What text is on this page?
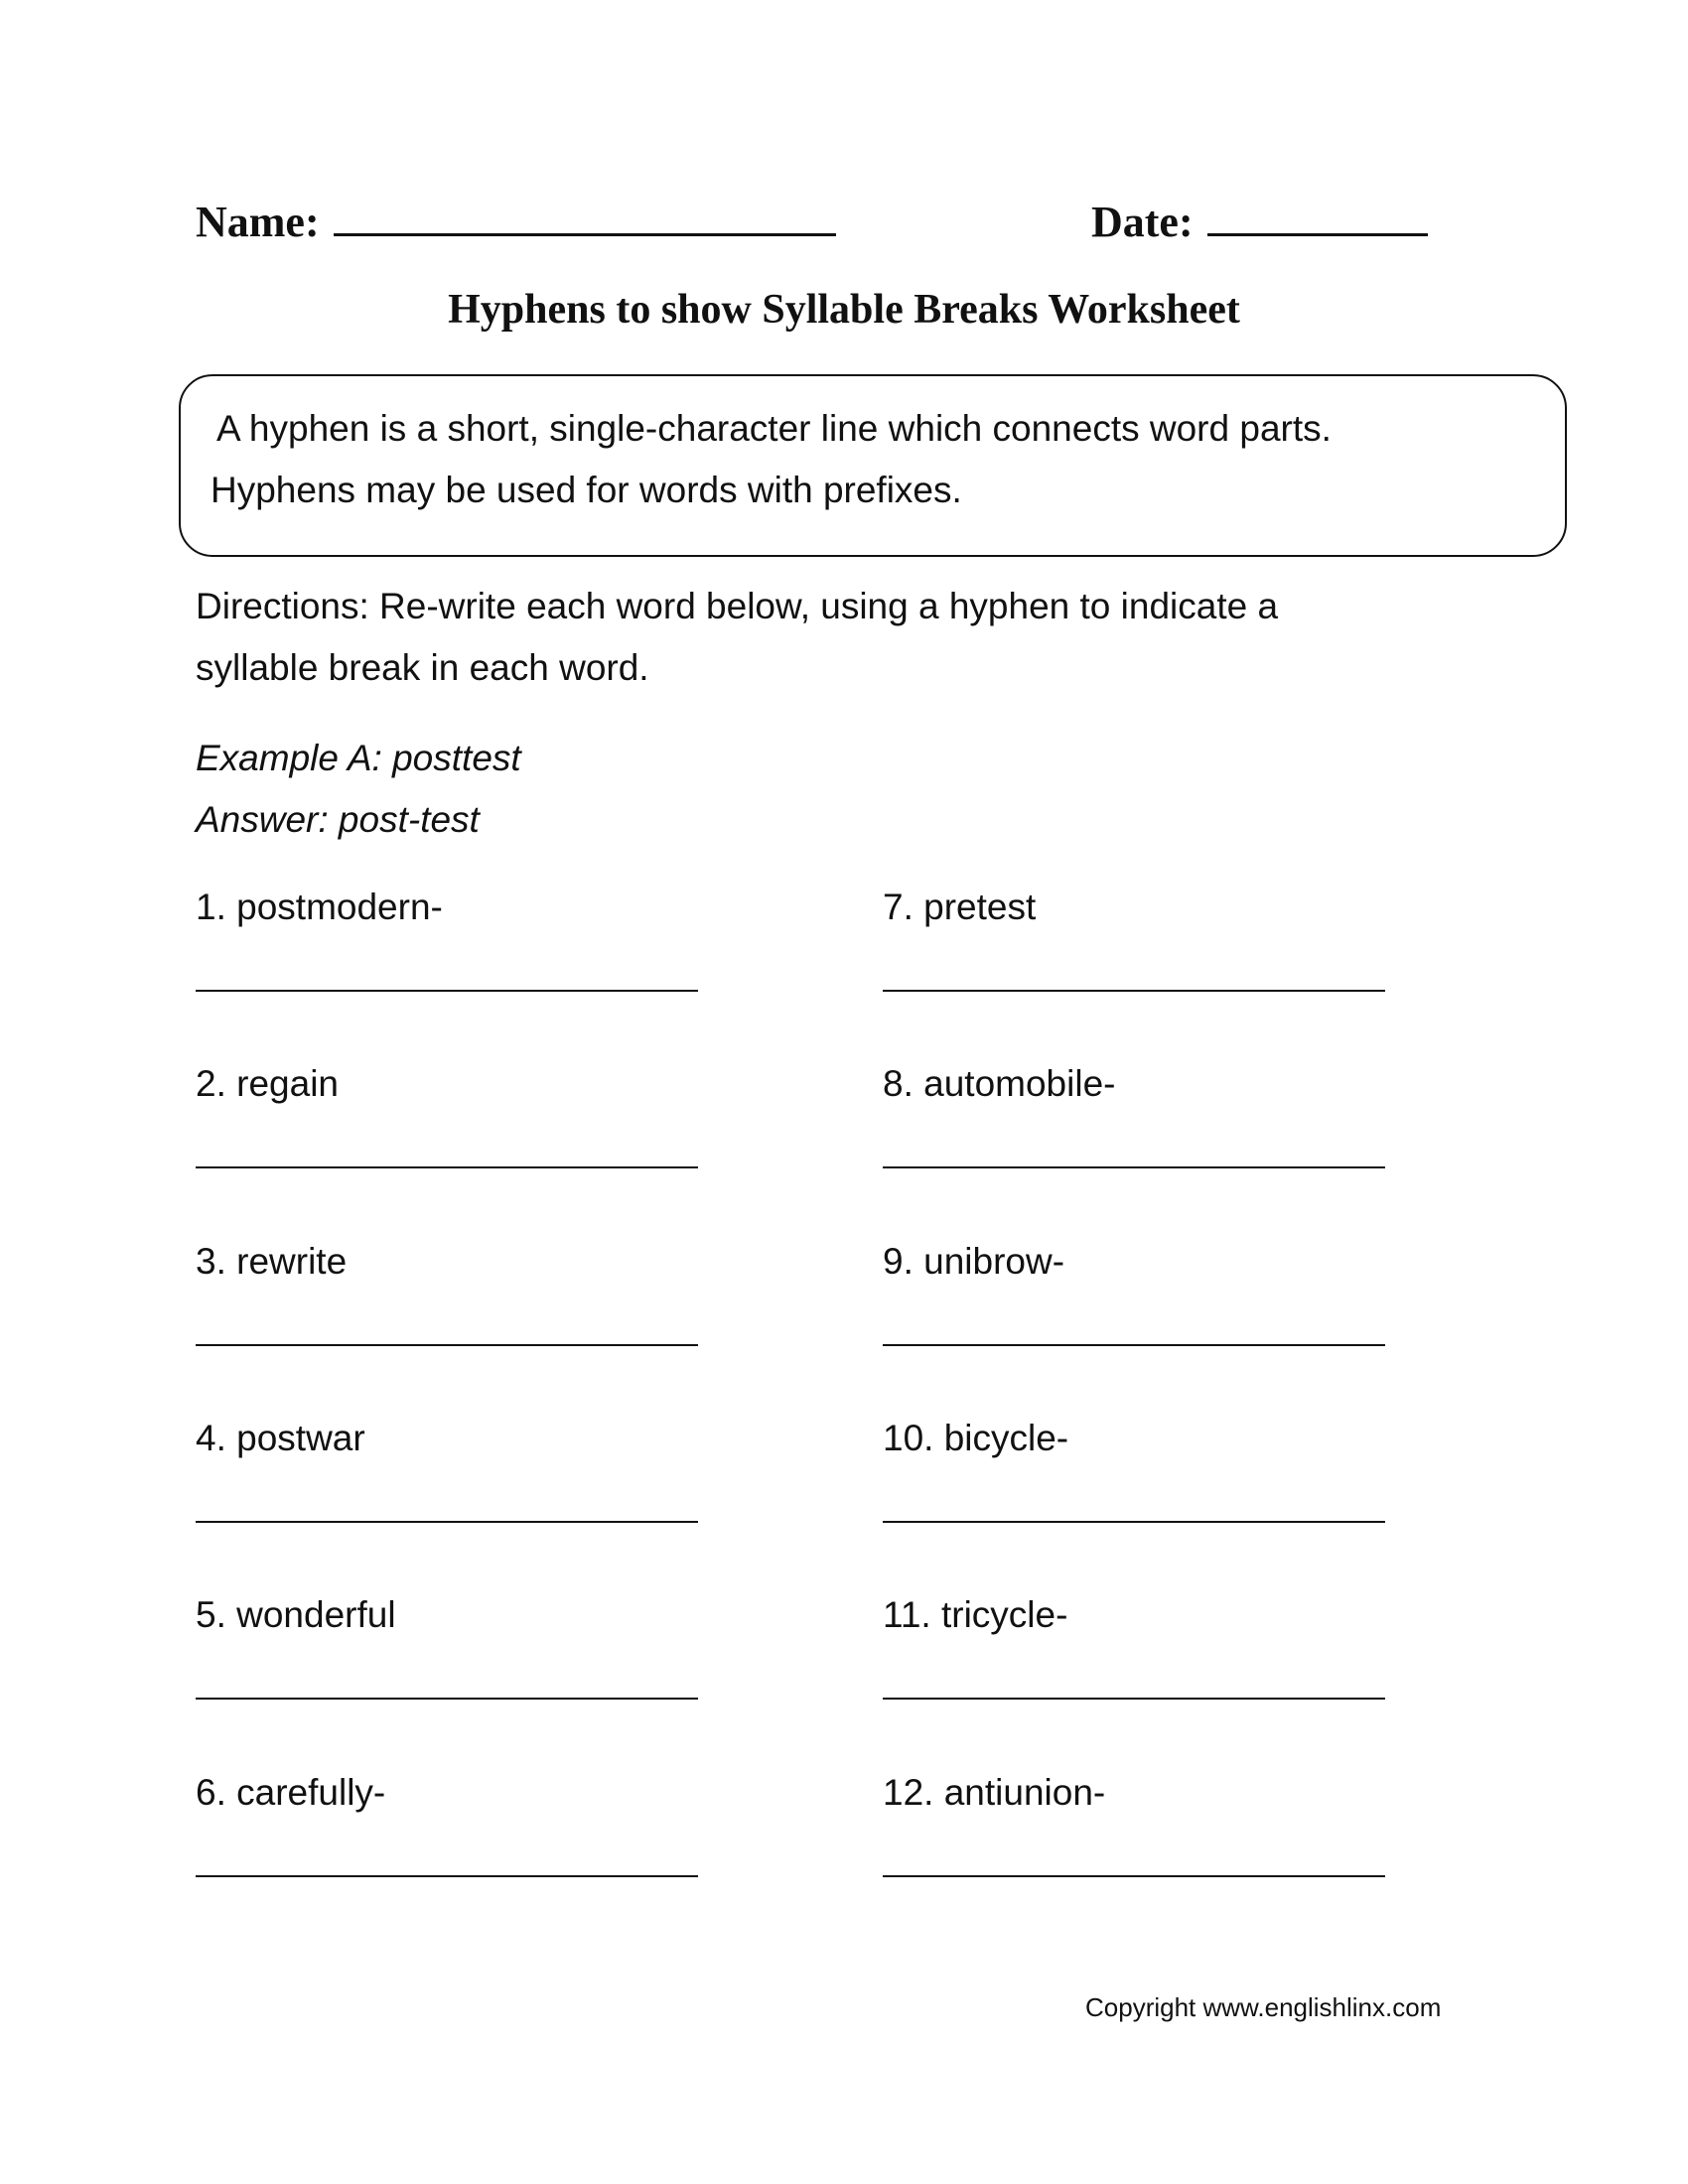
Name:	Date:
Hyphens to show Syllable Breaks Worksheet

A hyphen is a short, single-character line which connects word parts.

Hyphens may be used for words with prefixes.

Directions: Re-write each word below, using a hyphen to indicate a

syllable break in each word.

Example A: posttest

Answer: post-test

1. postmodern-
2. regain
3. rewrite
4. postwar
5. wonderful
6. carefully-
7. pretest
8. automobile-
9. unibrow-
10. bicycle-
11. tricycle-
12. antiunion-
Copyright www.englishlinx.com
